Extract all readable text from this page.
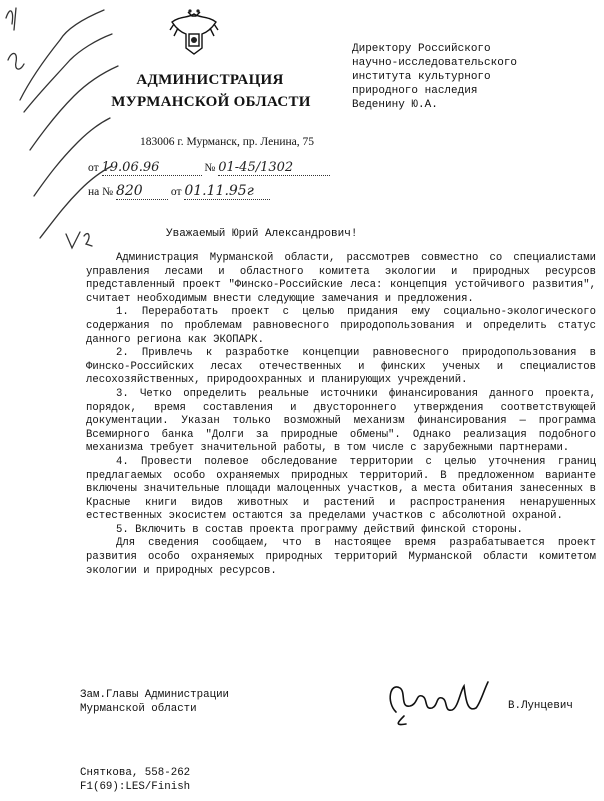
АДМИНИСТРАЦИЯ
МУРМАНСКОЙ ОБЛАСТИ
183006 г. Мурманск, пр. Ленина, 75
от 19.06.96	№ 01-45/1302
на № 820 от 01.11.95г
Директору Российского
научно-исследовательского
института культурного
природного наследия
Веденину Ю.А.
Уважаемый Юрий Александрович!

Администрация Мурманской области, рассмотрев совместно со специалистами управления лесами и областного комитета экологии и природных ресурсов представленный проект "Финско-Российские леса: концепция устойчивого развития", считает необходимым внести следующие замечания и предложения.

1. Переработать проект с целью придания ему социально-экологического содержания по проблемам равновесного природопользования и определить статус данного региона как ЭКОПАРК.

2. Привлечь к разработке концепции равновесного природопользования в Финско-Российских лесах отечественных и финских ученых и специалистов лесохозяйственных, природоохранных и планирующих учреждений.

3. Четко определить реальные источники финансирования данного проекта, порядок, время составления и двустороннего утверждения соответствующей документации. Указан только возможный механизм финансирования — программа Всемирного банка "Долги за природные обмены". Однако реализация подобного механизма требует значительной работы, в том числе с зарубежными партнерами.

4. Провести полевое обследование территории с целью уточнения границ предлагаемых особо охраняемых природных территорий. В предложенном варианте включены значительные площади малоценных участков, а места обитания занесенных в Красные книги видов животных и растений и распространения ненарушенных естественных экосистем остаются за пределами участков с абсолютной охраной.

5. Включить в состав проекта программу действий финской стороны.

Для сведения сообщаем, что в настоящее время разрабатывается проект развития особо охраняемых природных территорий Мурманской области комитетом экологии и природных ресурсов.

Зам.Главы Администрации
Мурманской области	В.Лунцевич
Сняткова, 558-262
F1(69):LES/Finish
